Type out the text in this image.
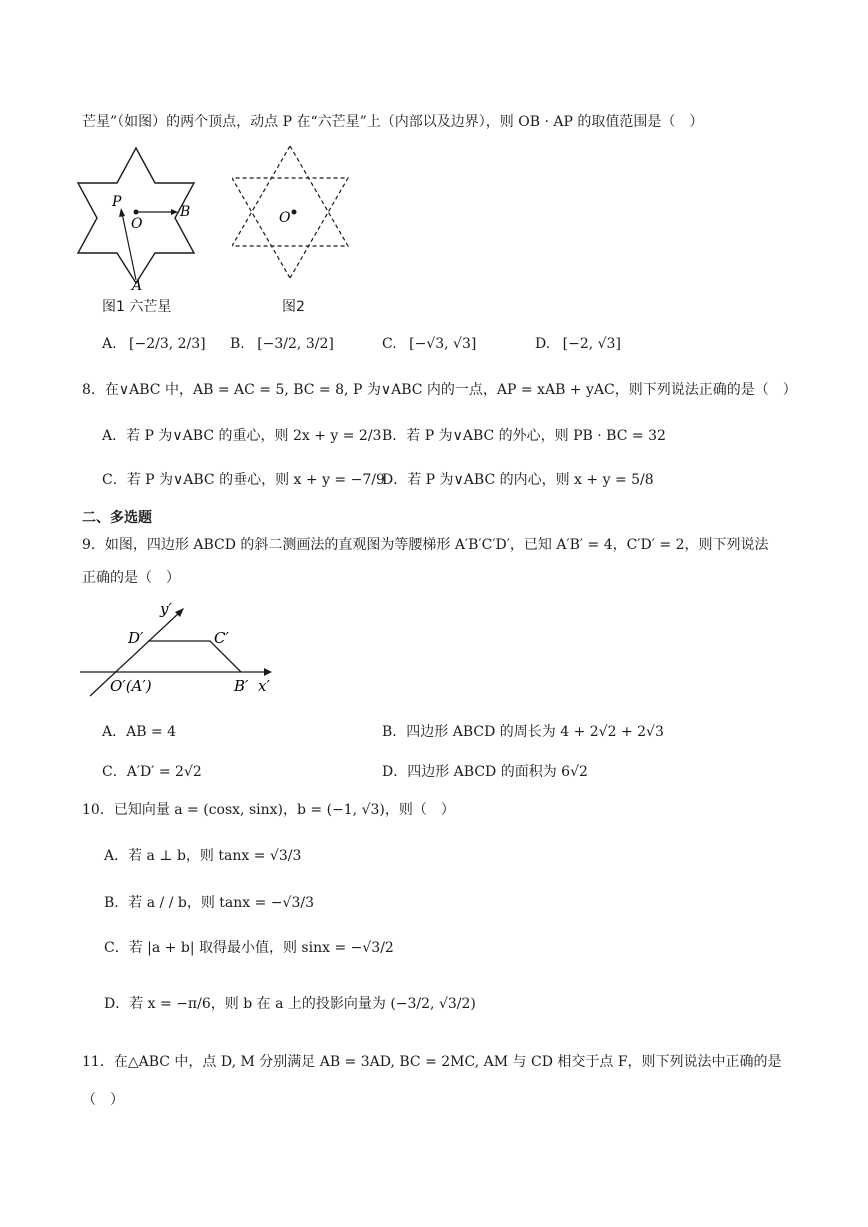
芒星”（如图）的两个顶点，动点 P 在“六芒星”上（内部以及边界），则 OB · AP 的取值范围是（　）
P
O
B
A
O
图1 六芒星	图2
A. [−2/3, 2/3] B. [−3/2, 3/2]	C. [−√3, √3]	D. [−2, √3]
8．在∨ABC 中，AB = AC = 5, BC = 8, P 为∨ABC 内的一点，AP = xAB + yAC，则下列说法正确的是（　）
A．若 P 为∨ABC 的重心，则 2x + y = 2/3 B．若 P 为∨ABC 的外心，则 PB · BC = 32
C．若 P 为∨ABC 的垂心，则 x + y = −7/9
D．若 P 为∨ABC 的内心，则 x + y = 5/8
二、多选题
9．如图，四边形 ABCD 的斜二测画法的直观图为等腰梯形 A′B′C′D′，已知 A′B′ = 4，C′D′ = 2，则下列说法
正确的是（　）
y′
D′	C′
O′(A′)	B′ x′
A．AB = 4	B．四边形 ABCD 的周长为 4 + 2√2 + 2√3
C．A′D′ = 2√2	D．四边形 ABCD 的面积为 6√2
10．已知向量 a = (cosx, sinx)，b = (−1, √3)，则（　）
A．若 a ⊥ b，则 tanx = √3/3
B．若 a / / b，则 tanx = −√3/3
C．若 |a + b| 取得最小值，则 sinx = −√3/2
D．若 x = −π/6，则 b 在 a 上的投影向量为 (−3/2, √3/2)
11．在△ABC 中，点 D, M 分别满足 AB = 3AD, BC = 2MC, AM 与 CD 相交于点 F，则下列说法中正确的是
（　）
